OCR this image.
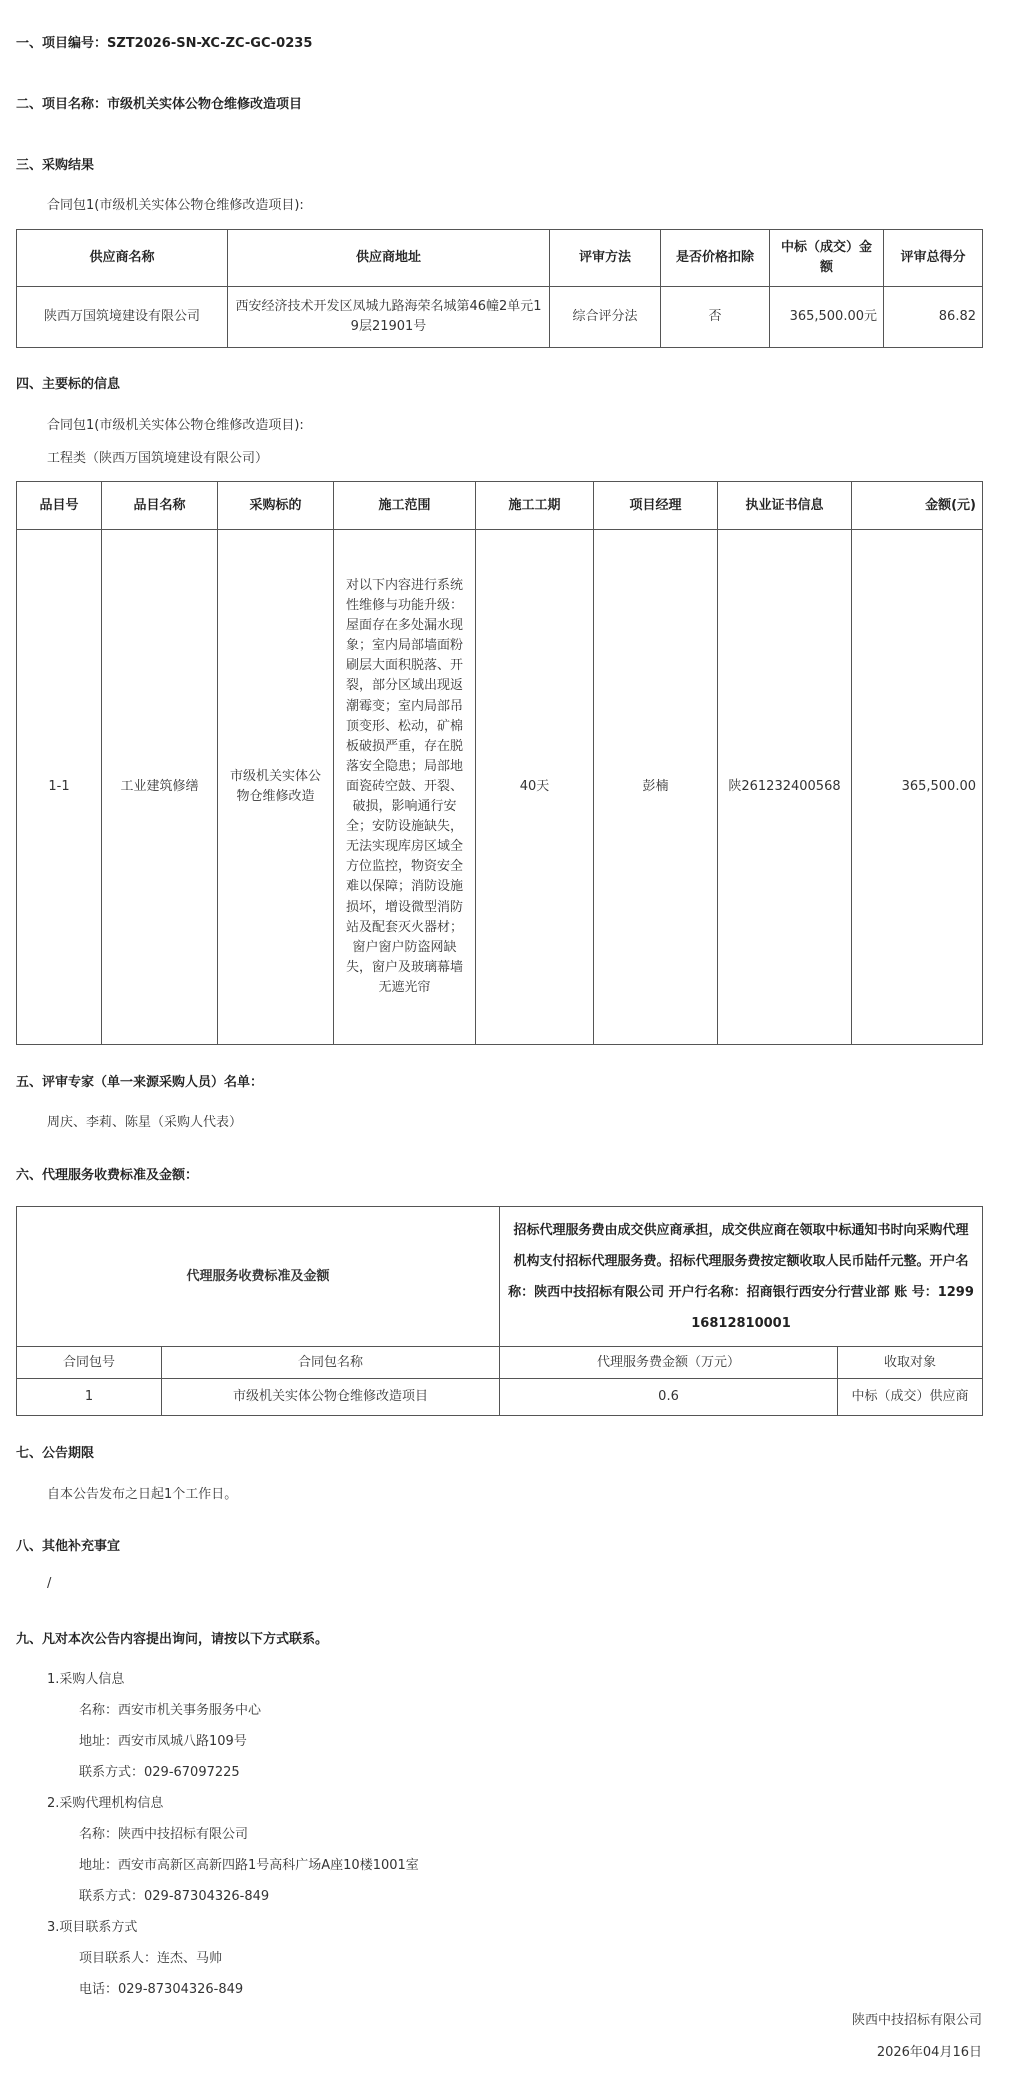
一、项目编号：SZT2026-SN-XC-ZC-GC-0235
二、项目名称：市级机关实体公物仓维修改造项目
三、采购结果
合同包1(市级机关实体公物仓维修改造项目):
供应商名称	供应商地址	评审方法	是否价格扣除	中标（成交）金额	评审总得分
陕西万国筑境建设有限公司	西安经济技术开发区凤城九路海荣名城第46幢2单元19层21901号	综合评分法	否	365,500.00元	86.82
四、主要标的信息
合同包1(市级机关实体公物仓维修改造项目):
工程类（陕西万国筑境建设有限公司）
品目号	品目名称	采购标的	施工范围	施工工期	项目经理	执业证书信息	金额(元)
1-1	工业建筑修缮	市级机关实体公物仓维修改造	对以下内容进行系统性维修与功能升级：屋面存在多处漏水现象；室内局部墙面粉刷层大面积脱落、开裂，部分区域出现返潮霉变；室内局部吊顶变形、松动，矿棉板破损严重，存在脱落安全隐患；局部地面瓷砖空鼓、开裂、破损，影响通行安全；安防设施缺失，无法实现库房区域全方位监控，物资安全难以保障；消防设施损坏，增设微型消防站及配套灭火器材；窗户窗户防盗网缺失，窗户及玻璃幕墙无遮光帘	40天	彭楠	陕261232400568	365,500.00
五、评审专家（单一来源采购人员）名单：
周庆、李莉、陈星（采购人代表）
六、代理服务收费标准及金额：
代理服务收费标准及金额		招标代理服务费由成交供应商承担，成交供应商在领取中标通知书时向采购代理机构支付招标代理服务费。招标代理服务费按定额收取人民币陆仟元整。开户名称：陕西中技招标有限公司 开户行名称：招商银行西安分行营业部 账 号：129916812810001	
合同包号	合同包名称	代理服务费金额（万元）	收取对象
1	市级机关实体公物仓维修改造项目	0.6	中标（成交）供应商
七、公告期限
自本公告发布之日起1个工作日。
八、其他补充事宜
/
九、凡对本次公告内容提出询问，请按以下方式联系。
1.采购人信息
名称：西安市机关事务服务中心
地址：西安市凤城八路109号
联系方式：029-67097225
2.采购代理机构信息
名称：陕西中技招标有限公司
地址：西安市高新区高新四路1号高科广场A座10楼1001室
联系方式：029-87304326-849
3.项目联系方式
项目联系人：连杰、马帅
电话：029-87304326-849
陕西中技招标有限公司
2026年04月16日
